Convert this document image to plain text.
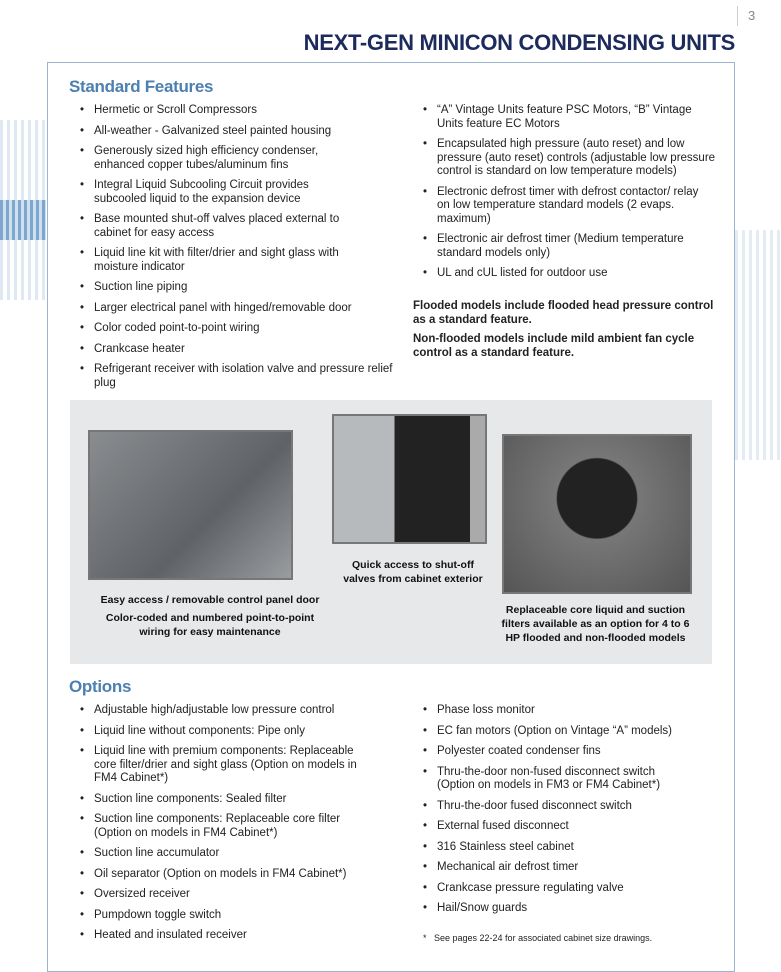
3
NEXT-GEN MINICON CONDENSING UNITS
Standard Features
• Hermetic or Scroll Compressors
• All-weather - Galvanized steel painted housing
• Generously sized high efficiency condenser, enhanced copper tubes/aluminum fins
• Integral Liquid Subcooling Circuit provides subcooled liquid to the expansion device
• Base mounted shut-off valves placed external to cabinet for easy access
• Liquid line kit with filter/drier and sight glass with moisture indicator
• Suction line piping
• Larger electrical panel with hinged/removable door
• Color coded point-to-point wiring
• Crankcase heater
• Refrigerant receiver with isolation valve and pressure relief plug
• “A” Vintage Units feature PSC Motors, “B” Vintage Units feature EC Motors
• Encapsulated high pressure (auto reset) and low pressure (auto reset) controls (adjustable low pressure control is standard on low temperature models)
• Electronic defrost timer with defrost contactor/ relay on low temperature standard models (2 evaps. maximum)
• Electronic air defrost timer (Medium temperature standard models only)
• UL and cUL listed for outdoor use
Flooded models include flooded head pressure control as a standard feature.
Non-flooded models include mild ambient fan cycle control as a standard feature.
Easy access / removable control panel door
Color-coded and numbered point-to-point wiring for easy maintenance
Quick access to shut-off valves from cabinet exterior
Replaceable core liquid and suction filters available as an option for 4 to 6 HP flooded and non-flooded models
Options
• Adjustable high/adjustable low pressure control
• Liquid line without components: Pipe only
• Liquid line with premium components: Replaceable core filter/drier and sight glass (Option on models in FM4 Cabinet*)
• Suction line components: Sealed filter
• Suction line components: Replaceable core filter (Option on models in FM4 Cabinet*)
• Suction line accumulator
• Oil separator (Option on models in FM4 Cabinet*)
• Oversized receiver
• Pumpdown toggle switch
• Heated and insulated receiver
• Phase loss monitor
• EC fan motors (Option on Vintage “A” models)
• Polyester coated condenser fins
• Thru-the-door non-fused disconnect switch (Option on models in FM3 or FM4 Cabinet*)
• Thru-the-door fused disconnect switch
• External fused disconnect
• 316 Stainless steel cabinet
• Mechanical air defrost timer
• Crankcase pressure regulating valve
• Hail/Snow guards
*   See pages 22-24 for associated cabinet size drawings.
